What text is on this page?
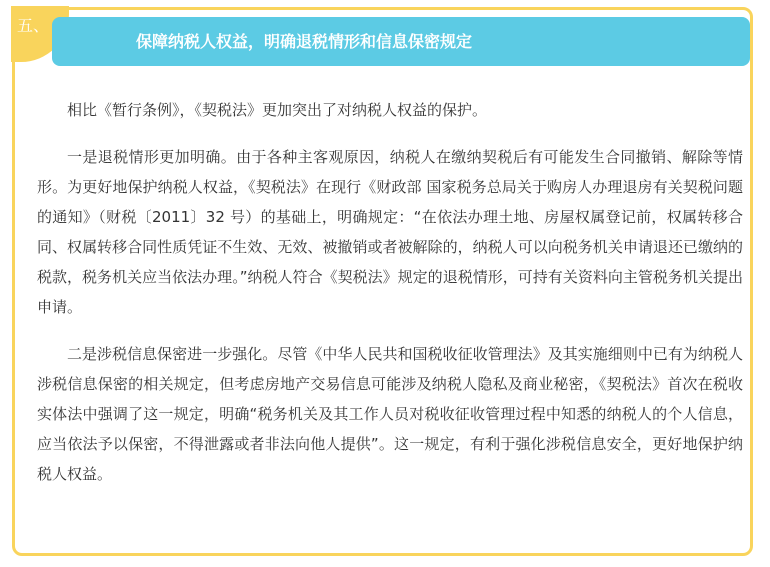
五、
保障纳税人权益，明确退税情形和信息保密规定

相比《暂行条例》，《契税法》更加突出了对纳税人权益的保护。

一是退税情形更加明确。由于各种主客观原因，纳税人在缴纳契税后有可能发生合同撤销、解除等情形。为更好地保护纳税人权益，《契税法》在现行《财政部 国家税务总局关于购房人办理退房有关契税问题的通知》（财税〔2011〕32 号）的基础上，明确规定：“在依法办理土地、房屋权属登记前，权属转移合同、权属转移合同性质凭证不生效、无效、被撤销或者被解除的，纳税人可以向税务机关申请退还已缴纳的税款，税务机关应当依法办理。”纳税人符合《契税法》规定的退税情形，可持有关资料向主管税务机关提出申请。

二是涉税信息保密进一步强化。尽管《中华人民共和国税收征收管理法》及其实施细则中已有为纳税人涉税信息保密的相关规定，但考虑房地产交易信息可能涉及纳税人隐私及商业秘密，《契税法》首次在税收实体法中强调了这一规定，明确“税务机关及其工作人员对税收征收管理过程中知悉的纳税人的个人信息，应当依法予以保密，不得泄露或者非法向他人提供”。这一规定，有利于强化涉税信息安全，更好地保护纳税人权益。
